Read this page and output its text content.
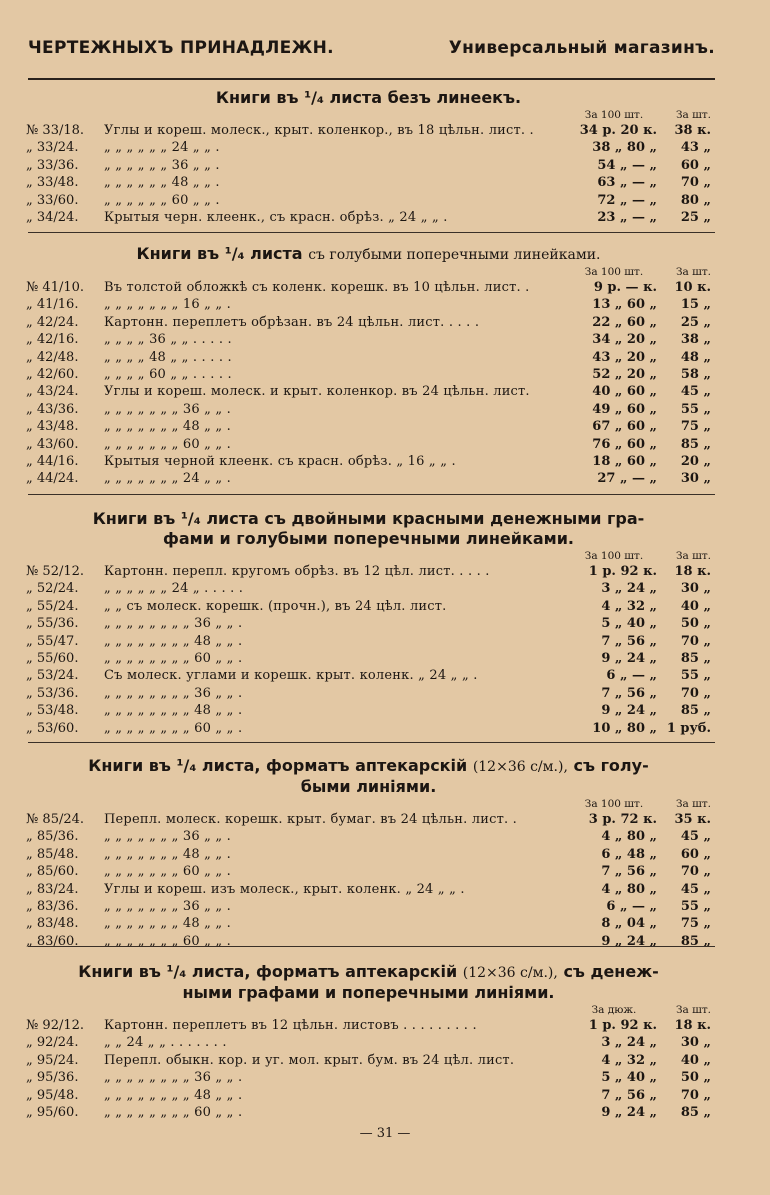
ЧЕРТЕЖНЫХЪ ПРИНАДЛЕЖН.	Универсальный магазинъ.
Книги въ ¹/₄ листа безъ линеекъ.
За 100 шт.	За шт.
№ 33/18.	Углы и кореш. молеск., крыт. коленкор., въ 18 цѣльн. лист. .	34 р. 20 к.	38 к.
„ 33/24.	„ „ „ „ „ „ 24 „ „ .	38 „ 80 „	43 „
„ 33/36.	„ „ „ „ „ „ 36 „ „ .	54 „ — „	60 „
„ 33/48.	„ „ „ „ „ „ 48 „ „ .	63 „ — „	70 „
„ 33/60.	„ „ „ „ „ „ 60 „ „ .	72 „ — „	80 „
„ 34/24.	Крытыя черн. клеенк., съ красн. обрѣз. „ 24 „ „ .	23 „ — „	25 „
Книги въ ¹/₄ листа съ голубыми поперечными линейками.
За 100 шт.	За шт.
№ 41/10.	Въ толстой обложкѣ съ коленк. корешк. въ 10 цѣльн. лист. .	9 р. — к.	10 к.
„ 41/16.	„ „ „ „ „ „ „ 16 „ „ .	13 „ 60 „	15 „
„ 42/24.	Картонн. переплетъ обрѣзан. въ 24 цѣльн. лист. . . . .	22 „ 60 „	25 „
„ 42/16.	„ „ „ „ 36 „ „ . . . . .	34 „ 20 „	38 „
„ 42/48.	„ „ „ „ 48 „ „ . . . . .	43 „ 20 „	48 „
„ 42/60.	„ „ „ „ 60 „ „ . . . . .	52 „ 20 „	58 „
„ 43/24.	Углы и кореш. молеск. и крыт. коленкор. въ 24 цѣльн. лист.	40 „ 60 „	45 „
„ 43/36.	„ „ „ „ „ „ „ 36 „ „ .	49 „ 60 „	55 „
„ 43/48.	„ „ „ „ „ „ „ 48 „ „ .	67 „ 60 „	75 „
„ 43/60.	„ „ „ „ „ „ „ 60 „ „ .	76 „ 60 „	85 „
„ 44/16.	Крытыя черной клеенк. съ красн. обрѣз. „ 16 „ „ .	18 „ 60 „	20 „
„ 44/24.	„ „ „ „ „ „ „ 24 „ „ .	27 „ — „	30 „
Книги въ ¹/₄ листа съ двойными красными денежными гра-
фами и голубыми поперечными линейками.
За 100 шт.	За шт.
№ 52/12.	Картонн. перепл. кругомъ обрѣз. въ 12 цѣл. лист. . . . .	1 р. 92 к.	18 к.
„ 52/24.	„ „ „ „ „ „ 24 „ . . . . .	3 „ 24 „	30 „
„ 55/24.	„ „ съ молеск. корешк. (прочн.), въ 24 цѣл. лист.	4 „ 32 „	40 „
„ 55/36.	„ „ „ „ „ „ „ „ 36 „ „ .	5 „ 40 „	50 „
„ 55/47.	„ „ „ „ „ „ „ „ 48 „ „ .	7 „ 56 „	70 „
„ 55/60.	„ „ „ „ „ „ „ „ 60 „ „ .	9 „ 24 „	85 „
„ 53/24.	Съ молеск. углами и корешк. крыт. коленк. „ 24 „ „ .	6 „ — „	55 „
„ 53/36.	„ „ „ „ „ „ „ „ 36 „ „ .	7 „ 56 „	70 „
„ 53/48.	„ „ „ „ „ „ „ „ 48 „ „ .	9 „ 24 „	85 „
„ 53/60.	„ „ „ „ „ „ „ „ 60 „ „ .	10 „ 80 „ 1 руб.
Книги въ ¹/₄ листа, форматъ аптекарскій (12×36 с/м.), съ голу-
быми линіями.
За 100 шт.	За шт.
№ 85/24.	Перепл. молеск. корешк. крыт. бумаг. въ 24 цѣльн. лист. .	3 р. 72 к.	35 к.
„ 85/36.	„ „ „ „ „ „ „ 36 „ „ .	4 „ 80 „	45 „
„ 85/48.	„ „ „ „ „ „ „ 48 „ „ .	6 „ 48 „	60 „
„ 85/60.	„ „ „ „ „ „ „ 60 „ „ .	7 „ 56 „	70 „
„ 83/24.	Углы и кореш. изъ молеск., крыт. коленк. „ 24 „ „ .	4 „ 80 „	45 „
„ 83/36.	„ „ „ „ „ „ „ 36 „ „ .	6 „ — „	55 „
„ 83/48.	„ „ „ „ „ „ „ 48 „ „ .	8 „ 04 „	75 „
„ 83/60.	„ „ „ „ „ „ „ 60 „ „ .	9 „ 24 „	85 „
Книги въ ¹/₄ листа, форматъ аптекарскій (12×36 с/м.), съ денеж-
ными графами и поперечными линіями.
За дюж.	За шт.
№ 92/12.	Картонн. переплетъ въ 12 цѣльн. листовъ . . . . . . . . .	1 р. 92 к.	18 к.
„ 92/24.	„ „ 24 „ „ . . . . . . .	3 „ 24 „	30 „
„ 95/24.	Перепл. обыкн. кор. и уг. мол. крыт. бум. въ 24 цѣл. лист.	4 „ 32 „	40 „
„ 95/36.	„ „ „ „ „ „ „ „ 36 „ „ .	5 „ 40 „	50 „
„ 95/48.	„ „ „ „ „ „ „ „ 48 „ „ .	7 „ 56 „	70 „
„ 95/60.	„ „ „ „ „ „ „ „ 60 „ „ .	9 „ 24 „	85 „
— 31 —
